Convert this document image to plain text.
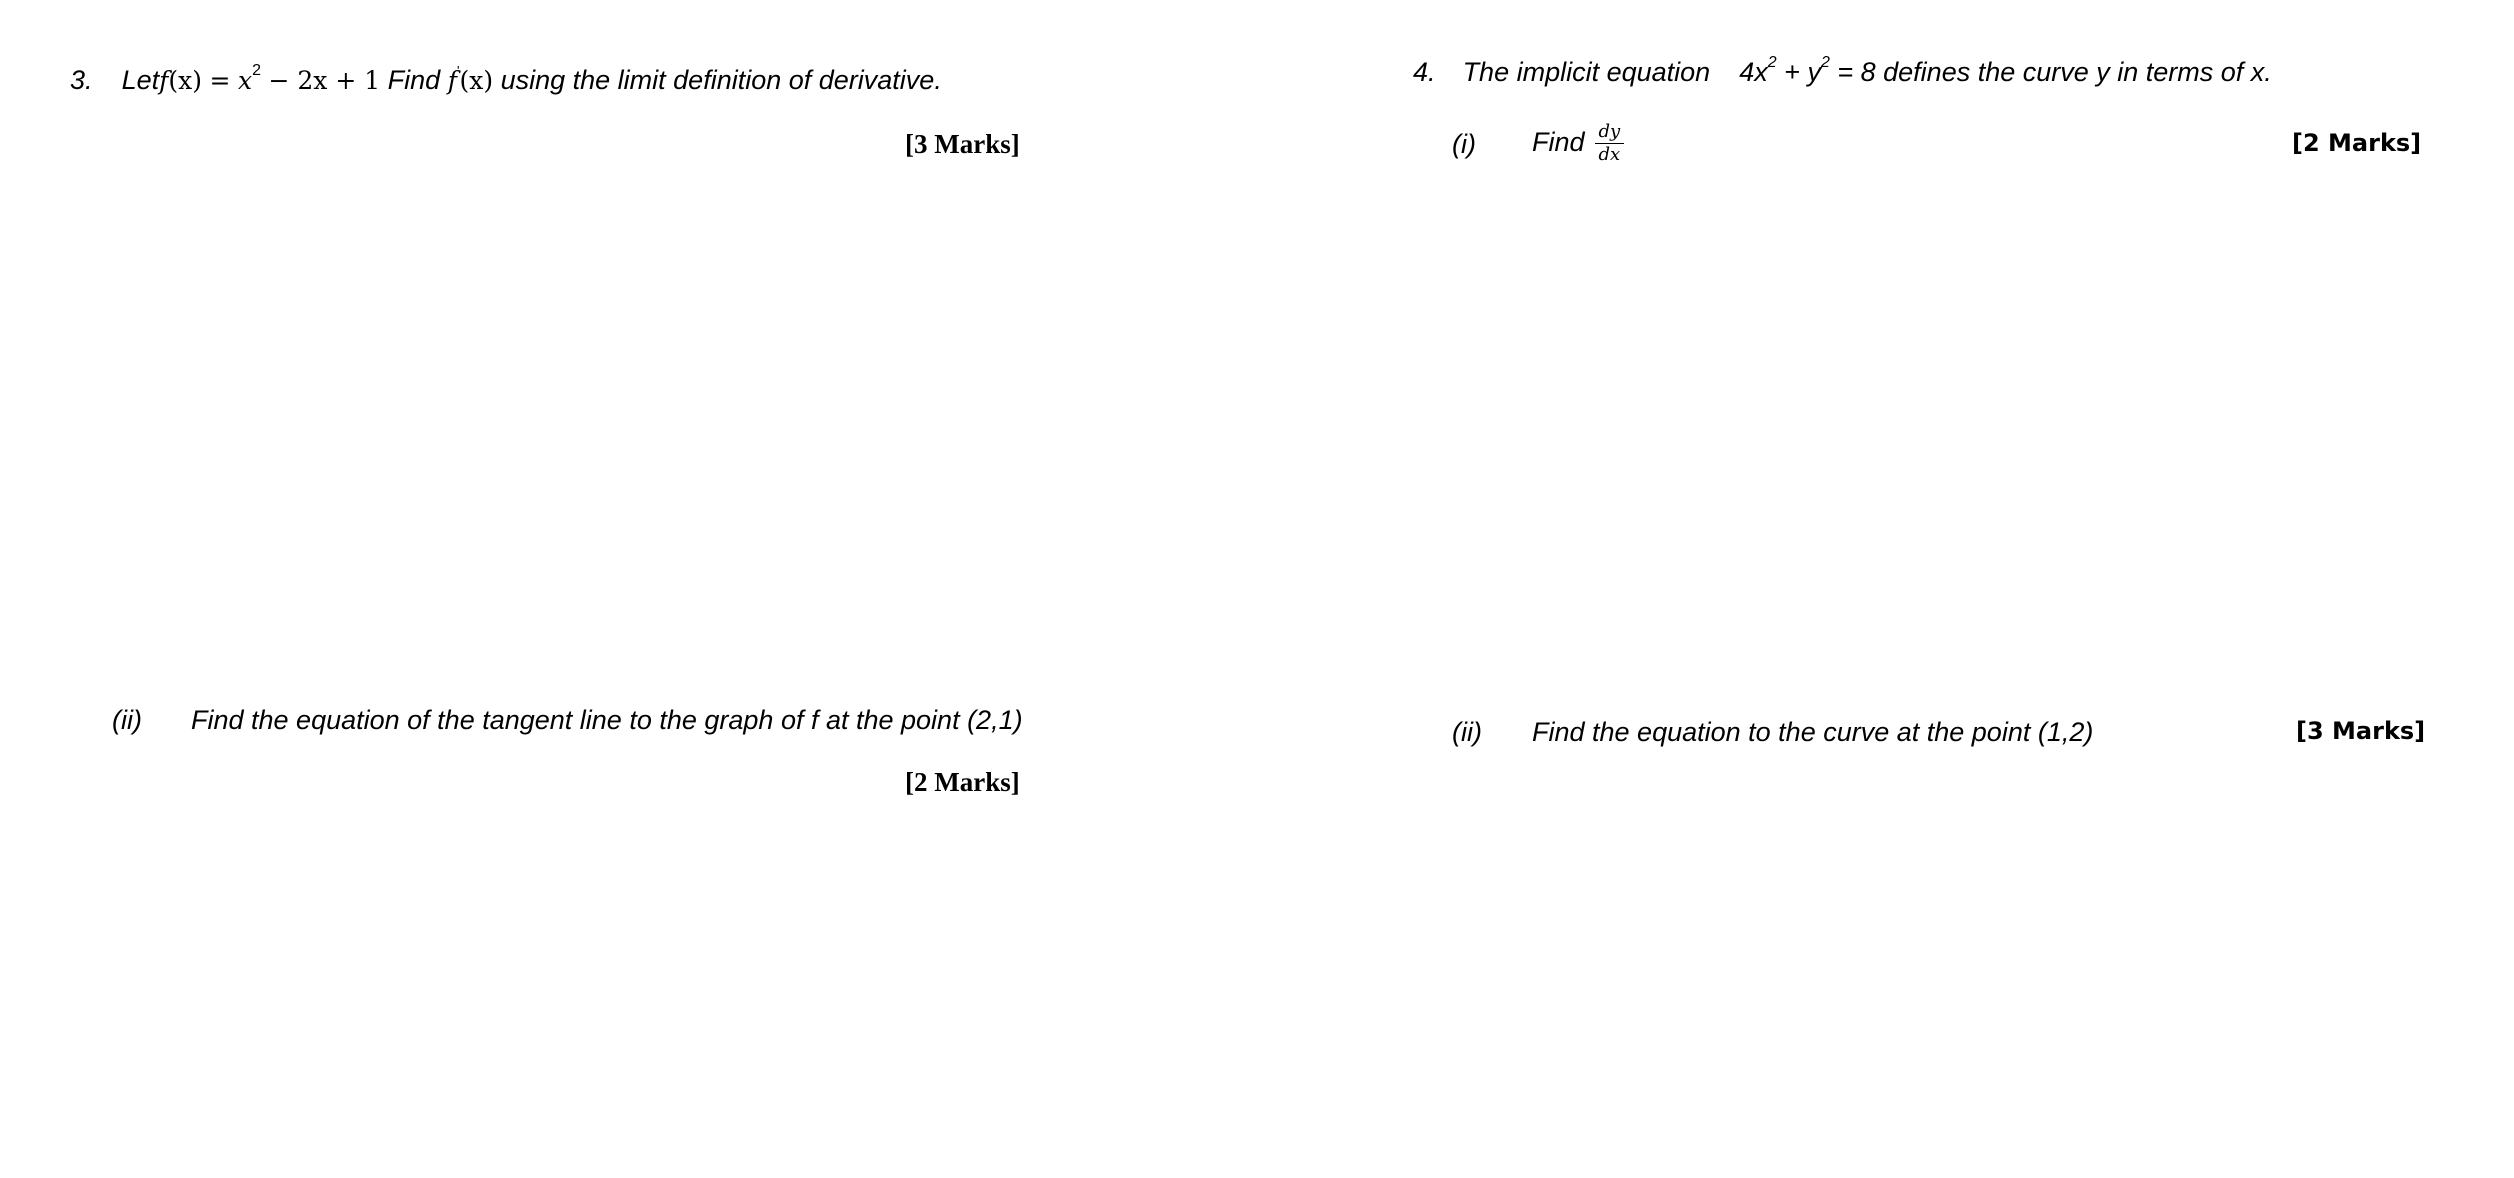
3. Letf(x) = $x^2 - 2x + 1$ Find f'(x) using the limit definition of derivative.
[3 Marks]
(ii) Find the equation of the tangent line to the graph of f at the point (2,1)
[2 Marks]
4. The implicit equation $4x^2 + y^2 = 8$ defines the curve y in terms of x.
(i) Find $\frac{dy}{dx}$	[2 Marks]
(ii) Find the equation to the curve at the point (1,2)	[3 Marks]
